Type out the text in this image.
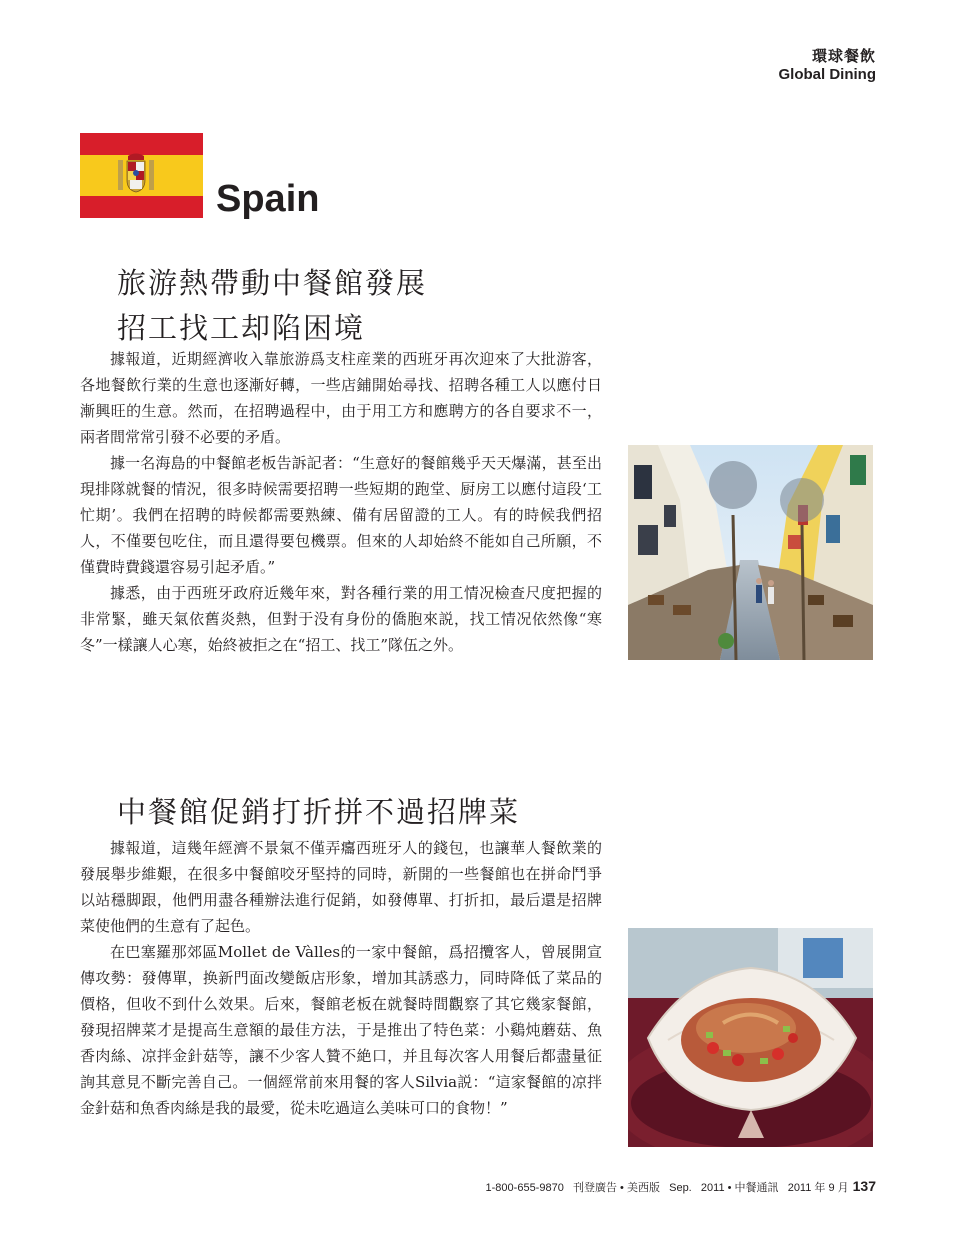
環球餐飲
Global Dining
Spain
旅游熱帶動中餐館發展
招工找工却陷困境

據報道，近期經濟收入靠旅游爲支柱産業的西班牙再次迎來了大批游客，各地餐飲行業的生意也逐漸好轉，一些店鋪開始尋找、招聘各種工人以應付日漸興旺的生意。然而，在招聘過程中，由于用工方和應聘方的各自要求不一，兩者間常常引發不必要的矛盾。

據一名海島的中餐館老板告訴記者：“生意好的餐館幾乎天天爆滿，甚至出現排隊就餐的情況，很多時候需要招聘一些短期的跑堂、厨房工以應付這段‘工忙期’。我們在招聘的時候都需要熟練、備有居留證的工人。有的時候我們招人，不僅要包吃住，而且還得要包機票。但來的人却始終不能如自己所願，不僅費時費錢還容易引起矛盾。”

據悉，由于西班牙政府近幾年來，對各種行業的用工情况檢查尺度把握的非常緊，雖天氣依舊炎熱，但對于没有身份的僑胞來説，找工情况依然像“寒冬”一樣讓人心寒，始終被拒之在“招工、找工”隊伍之外。

中餐館促銷打折拼不過招牌菜

據報道，這幾年經濟不景氣不僅弄癟西班牙人的錢包，也讓華人餐飲業的發展舉步維艱，在很多中餐館咬牙堅持的同時，新開的一些餐館也在拼命鬥爭以站穩脚跟，他們用盡各種辦法進行促銷，如發傳單、打折扣，最后還是招牌菜使他們的生意有了起色。

在巴塞羅那郊區Mollet de Vàlles的一家中餐館，爲招攬客人，曾展開宣傳攻勢：發傳單，换新門面改變飯店形象，增加其誘惑力，同時降低了菜品的價格，但收不到什么效果。后來，餐館老板在就餐時間觀察了其它幾家餐館，發現招牌菜才是提高生意額的最佳方法，于是推出了特色菜：小鷄炖蘑菇、魚香肉絲、凉拌金針菇等，讓不少客人贊不絶口，并且每次客人用餐后都盡量征詢其意見不斷完善自己。一個經常前來用餐的客人Silvia説：“這家餐館的凉拌金針菇和魚香肉絲是我的最愛，從未吃過這么美味可口的食物！”

1-800-655-9870   刊登廣告 • 美西版   Sep.   2011 • 中餐通訊   2011 年 9 月 137
